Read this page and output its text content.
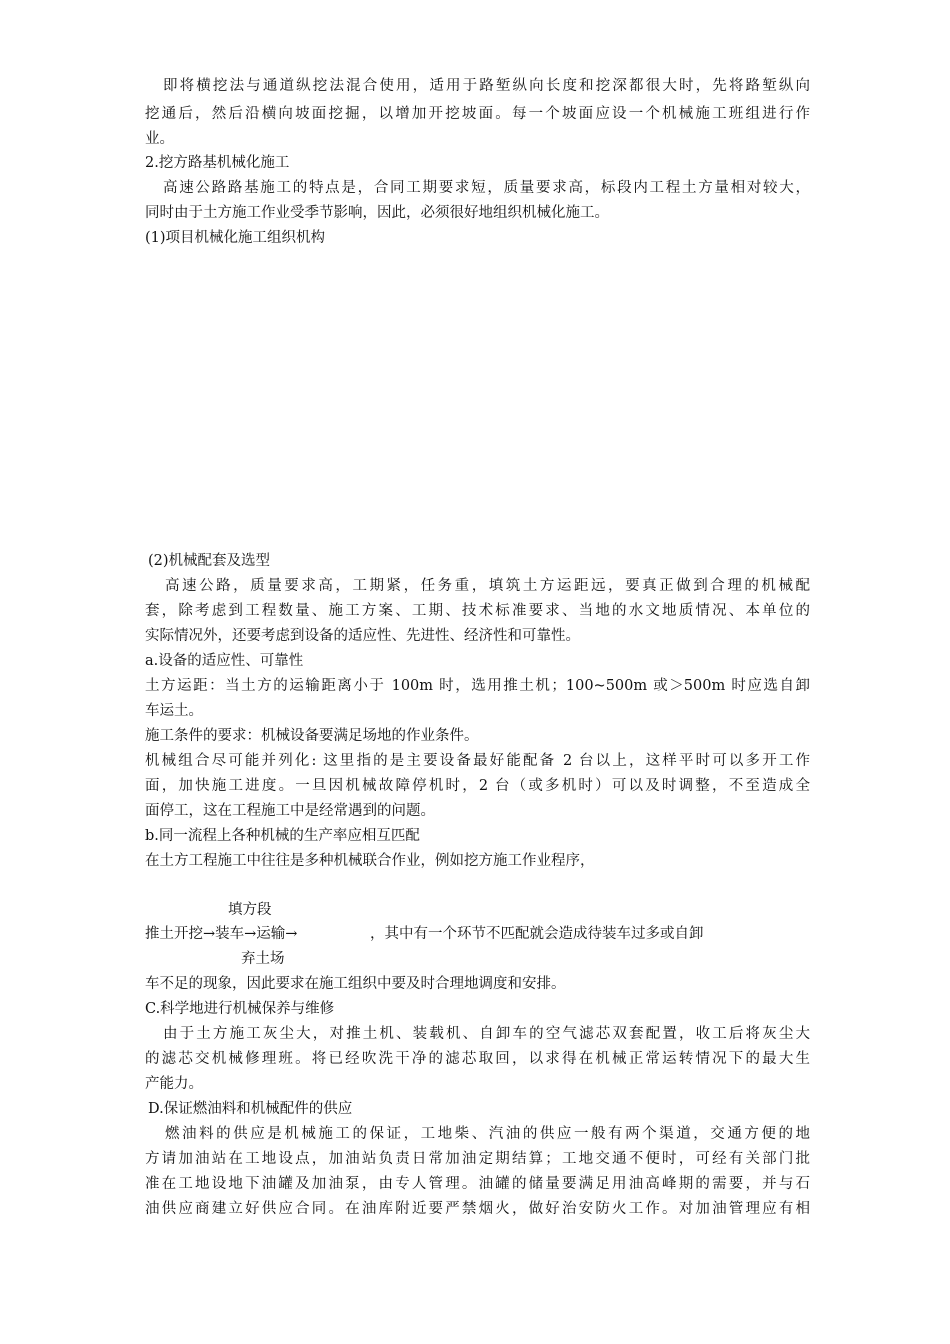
即将横挖法与通道纵挖法混合使用，适用于路堑纵向长度和挖深都很大时，先将路堑纵向
挖通后，然后沿横向坡面挖掘，以增加开挖坡面。每一个坡面应设一个机械施工班组进行作
业。
2.挖方路基机械化施工
高速公路路基施工的特点是，合同工期要求短，质量要求高，标段内工程土方量相对较大，
同时由于土方施工作业受季节影响，因此，必须很好地组织机械化施工。
(1)项目机械化施工组织机构
(2)机械配套及选型
高速公路，质量要求高，工期紧，任务重，填筑土方运距远，要真正做到合理的机械配
套，除考虑到工程数量、施工方案、工期、技术标准要求、当地的水文地质情况、本单位的
实际情况外，还要考虑到设备的适应性、先进性、经济性和可靠性。
a.设备的适应性、可靠性
土方运距：当土方的运输距离小于 100m 时，选用推土机；100~500m 或＞500m 时应选自卸
车运土。
施工条件的要求：机械设备要满足场地的作业条件。
机械组合尽可能并列化: 这里指的是主要设备最好能配备 2 台以上，这样平时可以多开工作
面，加快施工进度。一旦因机械故障停机时，2 台（或多机时）可以及时调整，不至造成全
面停工，这在工程施工中是经常遇到的问题。
b.同一流程上各种机械的生产率应相互匹配
在土方工程施工中往往是多种机械联合作业，例如挖方施工作业程序，
填方段
推土开挖→装车→运输→	，其中有一个环节不匹配就会造成待装车过多或自卸
弃土场
车不足的现象，因此要求在施工组织中要及时合理地调度和安排。
C.科学地进行机械保养与维修
由于土方施工灰尘大，对推土机、装载机、自卸车的空气滤芯双套配置，收工后将灰尘大
的滤芯交机械修理班。将已经吹洗干净的滤芯取回，以求得在机械正常运转情况下的最大生
产能力。
D.保证燃油料和机械配件的供应
燃油料的供应是机械施工的保证，工地柴、汽油的供应一般有两个渠道，交通方便的地
方请加油站在工地设点，加油站负责日常加油定期结算；工地交通不便时，可经有关部门批
准在工地设地下油罐及加油泵，由专人管理。油罐的储量要满足用油高峰期的需要，并与石
油供应商建立好供应合同。在油库附近要严禁烟火，做好治安防火工作。对加油管理应有相
